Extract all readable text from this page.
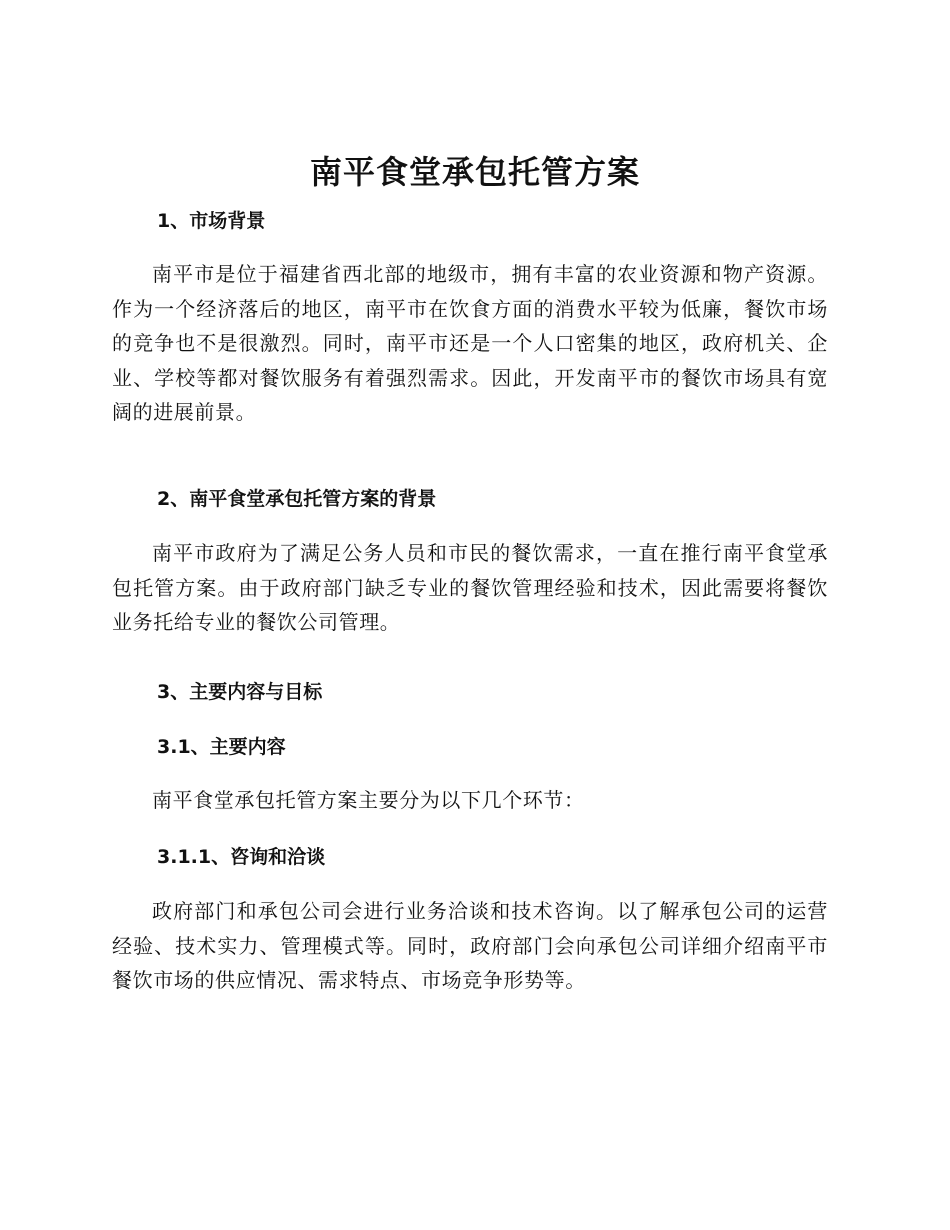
南平食堂承包托管方案
1、市场背景

南平市是位于福建省西北部的地级市，拥有丰富的农业资源和物产资源。作为一个经济落后的地区，南平市在饮食方面的消费水平较为低廉，餐饮市场的竞争也不是很激烈。同时，南平市还是一个人口密集的地区，政府机关、企业、学校等都对餐饮服务有着强烈需求。因此，开发南平市的餐饮市场具有宽阔的进展前景。

2、南平食堂承包托管方案的背景

南平市政府为了满足公务人员和市民的餐饮需求，一直在推行南平食堂承包托管方案。由于政府部门缺乏专业的餐饮管理经验和技术，因此需要将餐饮业务托给专业的餐饮公司管理。

3、主要内容与目标
3.1、主要内容

南平食堂承包托管方案主要分为以下几个环节：

3.1.1、咨询和洽谈

政府部门和承包公司会进行业务洽谈和技术咨询。以了解承包公司的运营经验、技术实力、管理模式等。同时，政府部门会向承包公司详细介绍南平市餐饮市场的供应情况、需求特点、市场竞争形势等。
